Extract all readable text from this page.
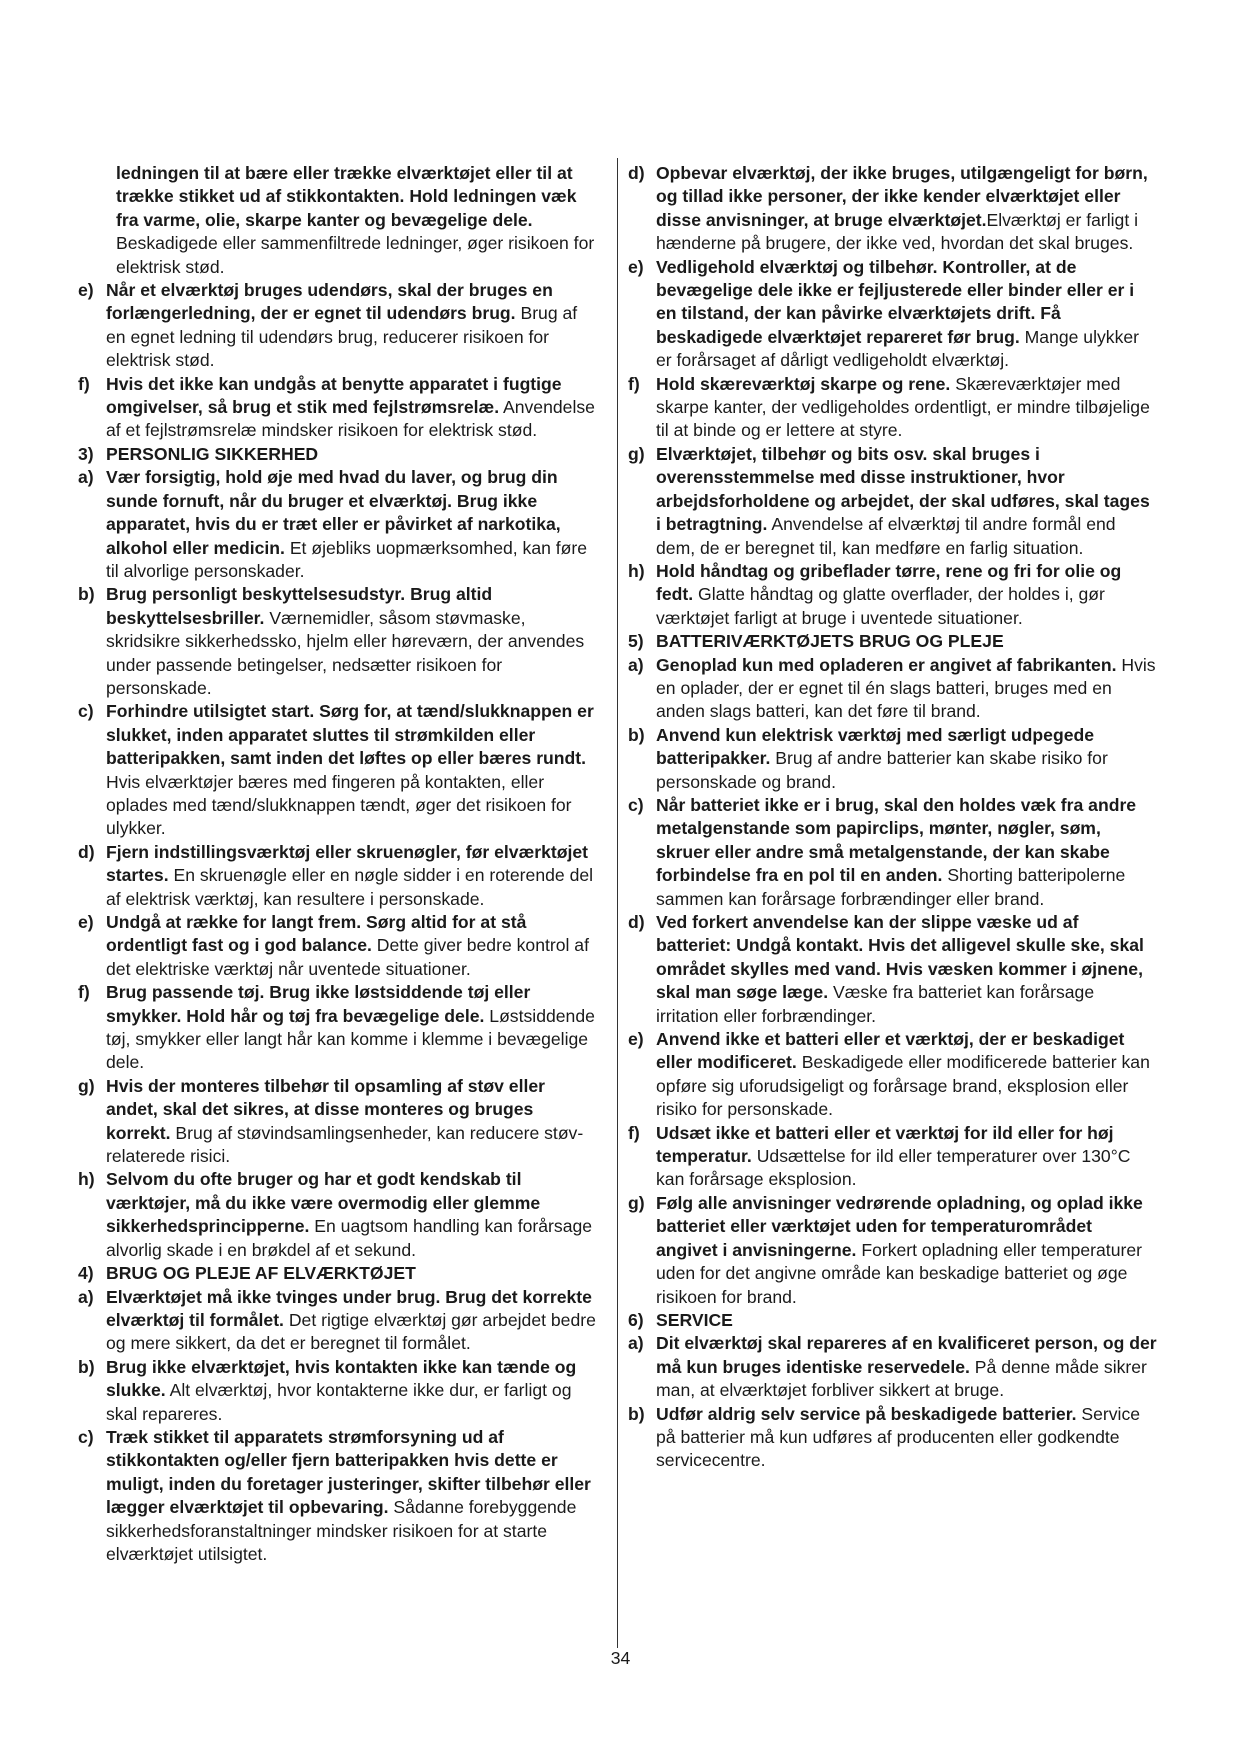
ledningen til at bære eller trække elværktøjet eller til at trække stikket ud af stikkontakten. Hold ledningen væk fra varme, olie, skarpe kanter og bevægelige dele. Beskadigede eller sammenfiltrede ledninger, øger risikoen for elektrisk stød.
e) Når et elværktøj bruges udendørs, skal der bruges en forlængerledning, der er egnet til udendørs brug. Brug af en egnet ledning til udendørs brug, reducerer risikoen for elektrisk stød.
f) Hvis det ikke kan undgås at benytte apparatet i fugtige omgivelser, så brug et stik med fejlstrømsrelæ. Anvendelse af et fejlstrømsrelæ mindsker risikoen for elektrisk stød.
3) PERSONLIG SIKKERHED
a) Vær forsigtig, hold øje med hvad du laver, og brug din sunde fornuft, når du bruger et elværktøj. Brug ikke apparatet, hvis du er træt eller er påvirket af narkotika, alkohol eller medicin. Et øjebliks uopmærksomhed, kan føre til alvorlige personskader.
b) Brug personligt beskyttelsesudstyr. Brug altid beskyttelsesbriller. Værnemidler, såsom støvmaske, skridsikre sikkerhedssko, hjelm eller høreværn, der anvendes under passende betingelser, nedsætter risikoen for personskade.
c) Forhindre utilsigtet start. Sørg for, at tænd/slukknappen er slukket, inden apparatet sluttes til strømkilden eller batteripakken, samt inden det løftes op eller bæres rundt. Hvis elværktøjer bæres med fingeren på kontakten, eller oplades med tænd/slukknappen tændt, øger det risikoen for ulykker.
d) Fjern indstillingsværktøj eller skruenøgler, før elværktøjet startes. En skruenøgle eller en nøgle sidder i en roterende del af elektrisk værktøj, kan resultere i personskade.
e) Undgå at række for langt frem. Sørg altid for at stå ordentligt fast og i god balance. Dette giver bedre kontrol af det elektriske værktøj når uventede situationer.
f) Brug passende tøj. Brug ikke løstsiddende tøj eller smykker. Hold hår og tøj fra bevægelige dele. Løstsiddende tøj, smykker eller langt hår kan komme i klemme i bevægelige dele.
g) Hvis der monteres tilbehør til opsamling af støv eller andet, skal det sikres, at disse monteres og bruges korrekt. Brug af støvindsamlingsenheder, kan reducere støv-relaterede risici.
h) Selvom du ofte bruger og har et godt kendskab til værktøjer, må du ikke være overmodig eller glemme sikkerhedsprincipperne. En uagtsom handling kan forårsage alvorlig skade i en brøkdel af et sekund.
4) BRUG OG PLEJE AF ELVÆRKTØJET
a) Elværktøjet må ikke tvinges under brug. Brug det korrekte elværktøj til formålet. Det rigtige elværktøj gør arbejdet bedre og mere sikkert, da det er beregnet til formålet.
b) Brug ikke elværktøjet, hvis kontakten ikke kan tænde og slukke. Alt elværktøj, hvor kontakterne ikke dur, er farligt og skal repareres.
c) Træk stikket til apparatets strømforsyning ud af stikkontakten og/eller fjern batteripakken hvis dette er muligt, inden du foretager justeringer, skifter tilbehør eller lægger elværktøjet til opbevaring. Sådanne forebyggende sikkerhedsforanstaltninger mindsker risikoen for at starte elværktøjet utilsigtet.
d) Opbevar elværktøj, der ikke bruges, utilgængeligt for børn, og tillad ikke personer, der ikke kender elværktøjet eller disse anvisninger, at bruge elværktøjet.Elværktøj er farligt i hænderne på brugere, der ikke ved, hvordan det skal bruges.
e) Vedligehold elværktøj og tilbehør. Kontroller, at de bevægelige dele ikke er fejljusterede eller binder eller er i en tilstand, der kan påvirke elværktøjets drift. Få beskadigede elværktøjet repareret før brug. Mange ulykker er forårsaget af dårligt vedligeholdt elværktøj.
f) Hold skæreværktøj skarpe og rene. Skæreværktøjer med skarpe kanter, der vedligeholdes ordentligt, er mindre tilbøjelige til at binde og er lettere at styre.
g) Elværktøjet, tilbehør og bits osv. skal bruges i overensstemmelse med disse instruktioner, hvor arbejdsforholdene og arbejdet, der skal udføres, skal tages i betragtning. Anvendelse af elværktøj til andre formål end dem, de er beregnet til, kan medføre en farlig situation.
h) Hold håndtag og gribeflader tørre, rene og fri for olie og fedt. Glatte håndtag og glatte overflader, der holdes i, gør værktøjet farligt at bruge i uventede situationer.
5) BATTERIVÆRKTØJETS BRUG OG PLEJE
a) Genoplad kun med opladeren er angivet af fabrikanten. Hvis en oplader, der er egnet til én slags batteri, bruges med en anden slags batteri, kan det føre til brand.
b) Anvend kun elektrisk værktøj med særligt udpegede batteripakker. Brug af andre batterier kan skabe risiko for personskade og brand.
c) Når batteriet ikke er i brug, skal den holdes væk fra andre metalgenstande som papirclips, mønter, nøgler, søm, skruer eller andre små metalgenstande, der kan skabe forbindelse fra en pol til en anden. Shorting batteripolerne sammen kan forårsage forbrændinger eller brand.
d) Ved forkert anvendelse kan der slippe væske ud af batteriet: Undgå kontakt. Hvis det alligevel skulle ske, skal området skylles med vand. Hvis væsken kommer i øjnene, skal man søge læge. Væske fra batteriet kan forårsage irritation eller forbrændinger.
e) Anvend ikke et batteri eller et værktøj, der er beskadiget eller modificeret. Beskadigede eller modificerede batterier kan opføre sig uforudsigeligt og forårsage brand, eksplosion eller risiko for personskade.
f) Udsæt ikke et batteri eller et værktøj for ild eller for høj temperatur. Udsættelse for ild eller temperaturer over 130°C kan forårsage eksplosion.
g) Følg alle anvisninger vedrørende opladning, og oplad ikke batteriet eller værktøjet uden for temperaturområdet angivet i anvisningerne. Forkert opladning eller temperaturer uden for det angivne område kan beskadige batteriet og øge risikoen for brand.
6) SERVICE
a) Dit elværktøj skal repareres af en kvalificeret person, og der må kun bruges identiske reservedele. På denne måde sikrer man, at elværktøjet forbliver sikkert at bruge.
b) Udfør aldrig selv service på beskadigede batterier. Service på batterier må kun udføres af producenten eller godkendte servicecentre.
34
